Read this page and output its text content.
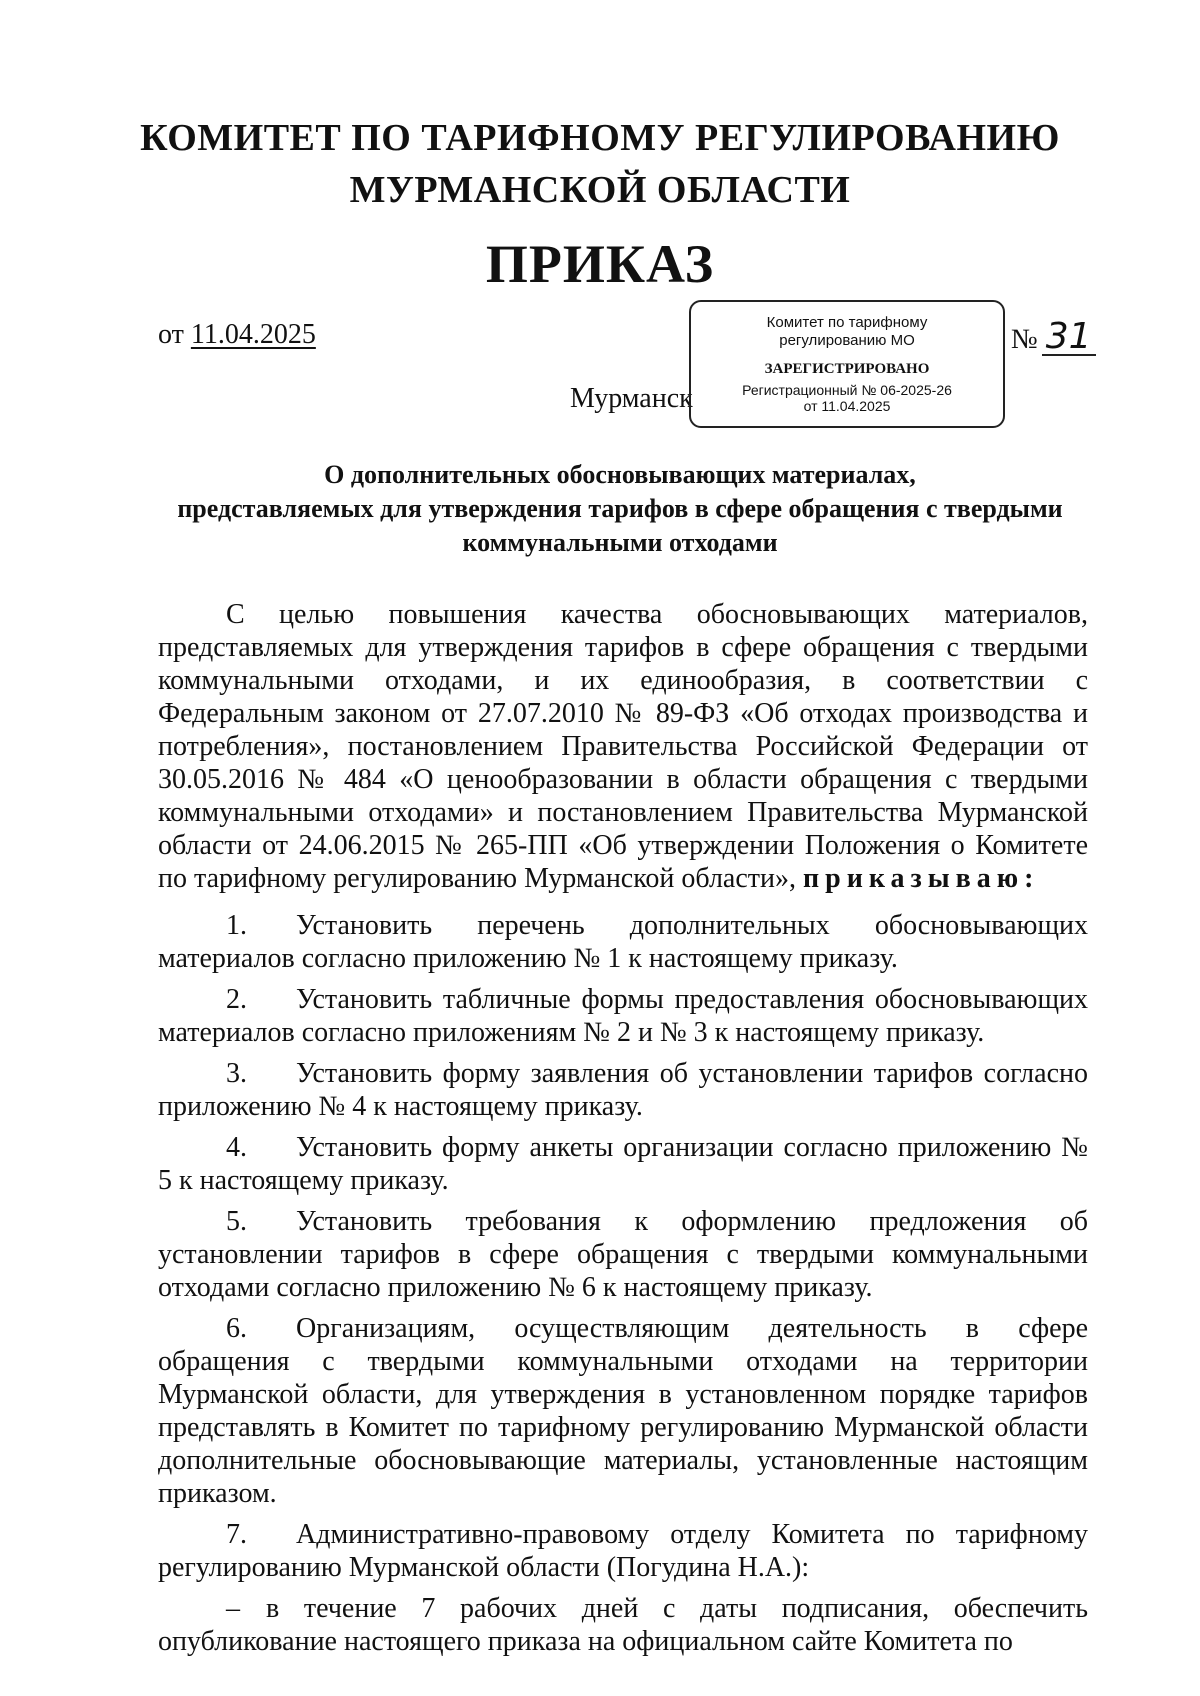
КОМИТЕТ ПО ТАРИФНОМУ РЕГУЛИРОВАНИЮ
МУРМАНСКОЙ ОБЛАСТИ
ПРИКАЗ
от 11.04.2025
Мурманск
Комитет по тарифному
регулированию МО
ЗАРЕГИСТРИРОВАНО
Регистрационный № 06-2025-26
от 11.04.2025
№ 31
О дополнительных обосновывающих материалах,
представляемых для утверждения тарифов в сфере обращения с твердыми
коммунальными отходами

С целью повышения качества обосновывающих материалов, представляемых для утверждения тарифов в сфере обращения с твердыми коммунальными отходами, и их единообразия, в соответствии с Федеральным законом от 27.07.2010 № 89-ФЗ «Об отходах производства и потребления», постановлением Правительства Российской Федерации от 30.05.2016 № 484 «О ценообразовании в области обращения с твердыми коммунальными отходами» и постановлением Правительства Мурманской области от 24.06.2015 № 265-ПП «Об утверждении Положения о Комитете по тарифному регулированию Мурманской области», приказываю:

1. Установить перечень дополнительных обосновывающих материалов согласно приложению № 1 к настоящему приказу.

2. Установить табличные формы предоставления обосновывающих материалов согласно приложениям № 2 и № 3 к настоящему приказу.

3. Установить форму заявления об установлении тарифов согласно приложению № 4 к настоящему приказу.

4. Установить форму анкеты организации согласно приложению № 5 к настоящему приказу.

5. Установить требования к оформлению предложения об установлении тарифов в сфере обращения с твердыми коммунальными отходами согласно приложению № 6 к настоящему приказу.

6. Организациям, осуществляющим деятельность в сфере обращения с твердыми коммунальными отходами на территории Мурманской области, для утверждения в установленном порядке тарифов представлять в Комитет по тарифному регулированию Мурманской области дополнительные обосновывающие материалы, установленные настоящим приказом.

7. Административно-правовому отделу Комитета по тарифному регулированию Мурманской области (Погудина Н.А.):

– в течение 7 рабочих дней с даты подписания, обеспечить опубликование настоящего приказа на официальном сайте Комитета по
